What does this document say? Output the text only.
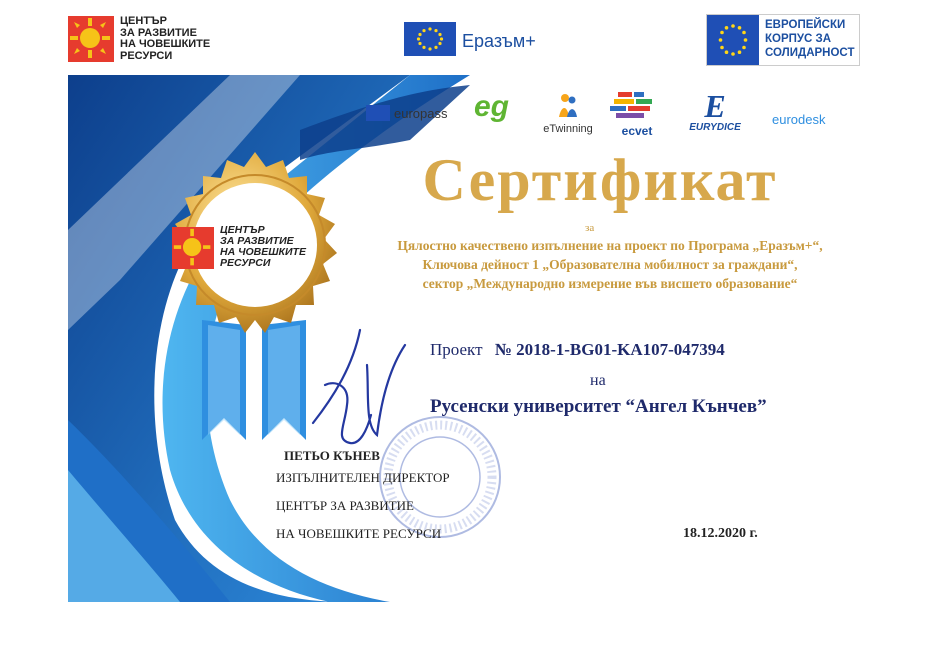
ЦЕНТЪР
ЗА РАЗВИТИЕ
НА ЧОВЕШКИТЕ
РЕСУРСИ
Еразъм+
ЕВРОПЕЙСКИ
КОРПУС ЗА
СОЛИДАРНОСТ
europass eg
eTwinning	ecvet
E
EURYDICE
eurodesk
ЦЕНТЪР
ЗА РАЗВИТИЕ
НА ЧОВЕШКИТЕ
РЕСУРСИ
Сертификат
за
Цялостно качествено изпълнение на проект по Програма „Еразъм+“,
Ключова дейност 1 „Образователна мобилност за граждани“,
сектор „Международно измерение във висшето образование“
Проект № 2018-1-BG01-KA107-047394
на
Русенски университет “Ангел Кънчев”
ПЕТЬО КЪНЕВ
ИЗПЪЛНИТЕЛЕН ДИРЕКТОР
ЦЕНТЪР ЗА РАЗВИТИЕ
НА ЧОВЕШКИТЕ РЕСУРСИ	18.12.2020 г.
